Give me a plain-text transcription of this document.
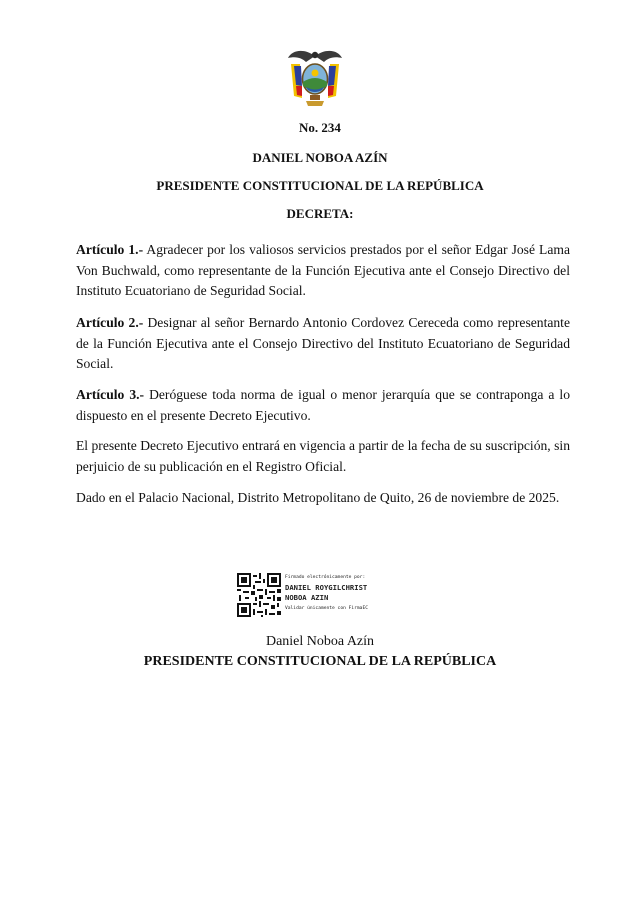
No. 234
DANIEL NOBOA AZÍN
PRESIDENTE CONSTITUCIONAL DE LA REPÚBLICA
DECRETA:

Artículo 1.- Agradecer por los valiosos servicios prestados por el señor Edgar José Lama Von Buchwald, como representante de la Función Ejecutiva ante el Consejo Directivo del Instituto Ecuatoriano de Seguridad Social.

Artículo 2.- Designar al señor Bernardo Antonio Cordovez Cereceda como representante de la Función Ejecutiva ante el Consejo Directivo del Instituto Ecuatoriano de Seguridad Social.

Artículo 3.- Deróguese toda norma de igual o menor jerarquía que se contraponga a lo dispuesto en el presente Decreto Ejecutivo.

El presente Decreto Ejecutivo entrará en vigencia a partir de la fecha de su suscripción, sin perjuicio de su publicación en el Registro Oficial.

Dado en el Palacio Nacional, Distrito Metropolitano de Quito, 26 de noviembre de 2025.

Firmado electrónicamente por:
DANIEL ROYGILCHRIST
NOBOA AZIN
Validar únicamente con FirmaEC
Daniel Noboa Azín
PRESIDENTE CONSTITUCIONAL DE LA REPÚBLICA
